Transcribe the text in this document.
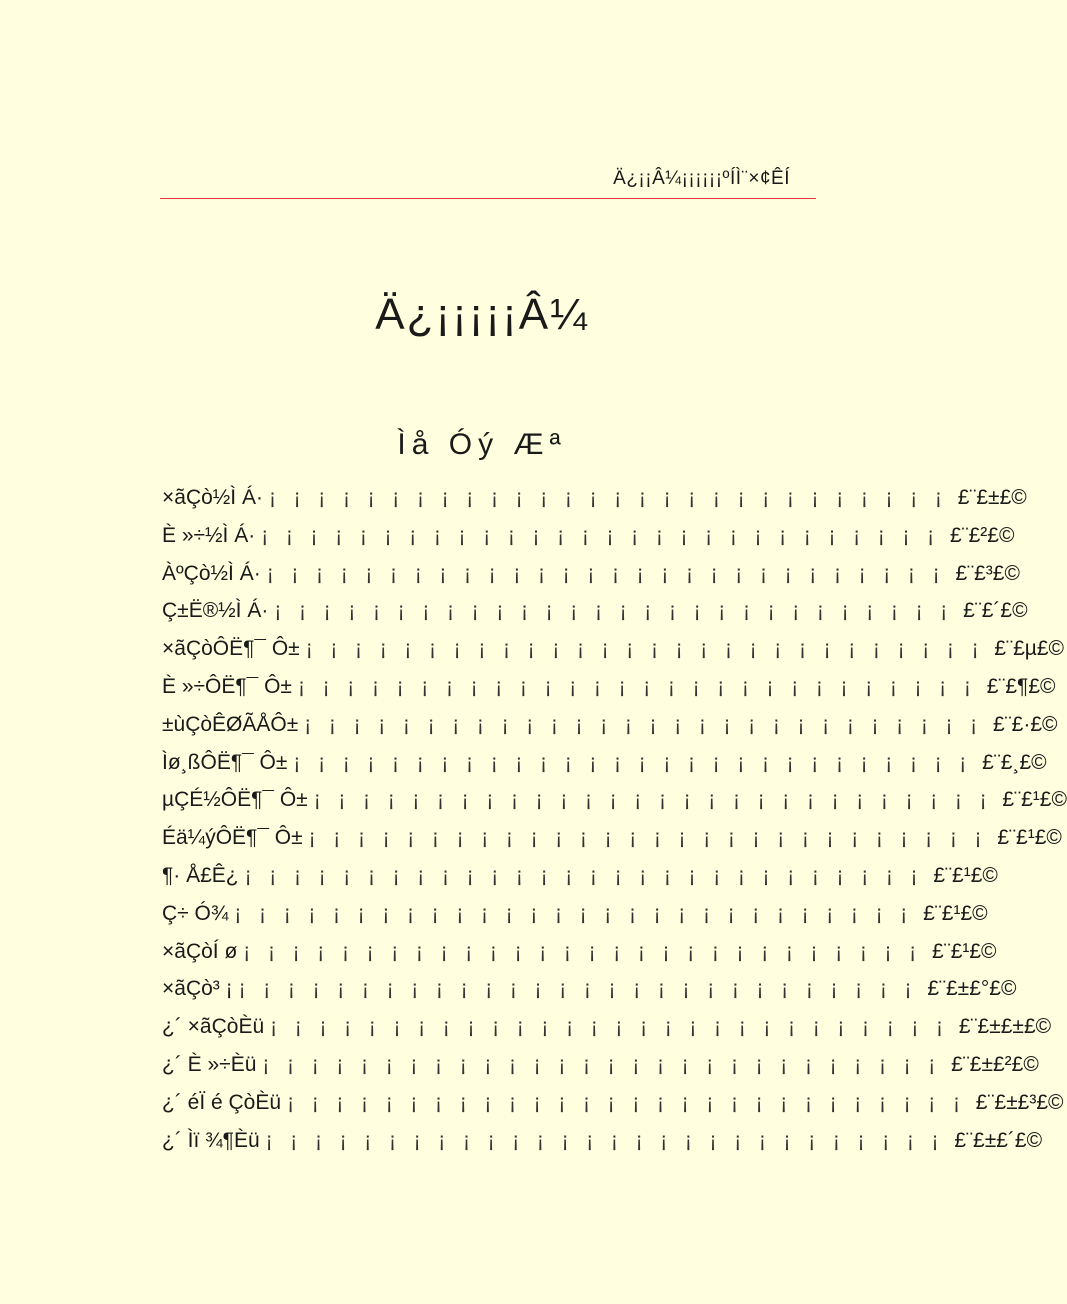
Ä¿¡¡Â¼¡¡¡¡¡¡ºÍÌ¨×¢ÊÍ
Ä¿¡¡¡¡¡Â¼
Ìå Óý Æª
×ãÇò½Ì Á· ¡ ¡ ¡ ¡ ¡ ¡ ¡ ¡ ¡ ¡ ¡ ¡ ¡ ¡ ¡ ¡ ¡ ¡ ¡ ¡ ¡ ¡ ¡ ¡ ¡ ¡ ¡ ¡ £¨£±£©
È »÷½Ì Á· ¡ ¡ ¡ ¡ ¡ ¡ ¡ ¡ ¡ ¡ ¡ ¡ ¡ ¡ ¡ ¡ ¡ ¡ ¡ ¡ ¡ ¡ ¡ ¡ ¡ ¡ ¡ ¡ £¨£²£©
ÀºÇò½Ì Á· ¡ ¡ ¡ ¡ ¡ ¡ ¡ ¡ ¡ ¡ ¡ ¡ ¡ ¡ ¡ ¡ ¡ ¡ ¡ ¡ ¡ ¡ ¡ ¡ ¡ ¡ ¡ ¡ £¨£³£©
Ç±Ë®½Ì Á· ¡ ¡ ¡ ¡ ¡ ¡ ¡ ¡ ¡ ¡ ¡ ¡ ¡ ¡ ¡ ¡ ¡ ¡ ¡ ¡ ¡ ¡ ¡ ¡ ¡ ¡ ¡ ¡ £¨£´£©
×ãÇòÔË¶¯ Ô± ¡ ¡ ¡ ¡ ¡ ¡ ¡ ¡ ¡ ¡ ¡ ¡ ¡ ¡ ¡ ¡ ¡ ¡ ¡ ¡ ¡ ¡ ¡ ¡ ¡ ¡ ¡ ¡ £¨£µ£©
È »÷ÔË¶¯ Ô± ¡ ¡ ¡ ¡ ¡ ¡ ¡ ¡ ¡ ¡ ¡ ¡ ¡ ¡ ¡ ¡ ¡ ¡ ¡ ¡ ¡ ¡ ¡ ¡ ¡ ¡ ¡ ¡ £¨£¶£©
±ùÇòÊØÃÅÔ± ¡ ¡ ¡ ¡ ¡ ¡ ¡ ¡ ¡ ¡ ¡ ¡ ¡ ¡ ¡ ¡ ¡ ¡ ¡ ¡ ¡ ¡ ¡ ¡ ¡ ¡ ¡ ¡ £¨£·£©
Ìø¸ßÔË¶¯ Ô± ¡ ¡ ¡ ¡ ¡ ¡ ¡ ¡ ¡ ¡ ¡ ¡ ¡ ¡ ¡ ¡ ¡ ¡ ¡ ¡ ¡ ¡ ¡ ¡ ¡ ¡ ¡ ¡ £¨£¸£©
µÇÉ½ÔË¶¯ Ô± ¡ ¡ ¡ ¡ ¡ ¡ ¡ ¡ ¡ ¡ ¡ ¡ ¡ ¡ ¡ ¡ ¡ ¡ ¡ ¡ ¡ ¡ ¡ ¡ ¡ ¡ ¡ ¡ £¨£¹£©
Éä¼ýÔË¶¯ Ô± ¡ ¡ ¡ ¡ ¡ ¡ ¡ ¡ ¡ ¡ ¡ ¡ ¡ ¡ ¡ ¡ ¡ ¡ ¡ ¡ ¡ ¡ ¡ ¡ ¡ ¡ ¡ ¡ £¨£¹£©
¶· Å£Ê¿ ¡ ¡ ¡ ¡ ¡ ¡ ¡ ¡ ¡ ¡ ¡ ¡ ¡ ¡ ¡ ¡ ¡ ¡ ¡ ¡ ¡ ¡ ¡ ¡ ¡ ¡ ¡ ¡ £¨£¹£©
Ç÷ Ó¾ ¡ ¡ ¡ ¡ ¡ ¡ ¡ ¡ ¡ ¡ ¡ ¡ ¡ ¡ ¡ ¡ ¡ ¡ ¡ ¡ ¡ ¡ ¡ ¡ ¡ ¡ ¡ ¡ £¨£¹£©
×ãÇòÍ ø ¡ ¡ ¡ ¡ ¡ ¡ ¡ ¡ ¡ ¡ ¡ ¡ ¡ ¡ ¡ ¡ ¡ ¡ ¡ ¡ ¡ ¡ ¡ ¡ ¡ ¡ ¡ ¡ £¨£¹£©
×ãÇò³ ¡ ¡ ¡ ¡ ¡ ¡ ¡ ¡ ¡ ¡ ¡ ¡ ¡ ¡ ¡ ¡ ¡ ¡ ¡ ¡ ¡ ¡ ¡ ¡ ¡ ¡ ¡ ¡ ¡ £¨£±£°£©
¿´ ×ãÇòÈü ¡ ¡ ¡ ¡ ¡ ¡ ¡ ¡ ¡ ¡ ¡ ¡ ¡ ¡ ¡ ¡ ¡ ¡ ¡ ¡ ¡ ¡ ¡ ¡ ¡ ¡ ¡ ¡ £¨£±£±£©
¿´ È »÷Èü ¡ ¡ ¡ ¡ ¡ ¡ ¡ ¡ ¡ ¡ ¡ ¡ ¡ ¡ ¡ ¡ ¡ ¡ ¡ ¡ ¡ ¡ ¡ ¡ ¡ ¡ ¡ ¡ £¨£±£²£©
¿´ éÏ é ÇòÈü ¡ ¡ ¡ ¡ ¡ ¡ ¡ ¡ ¡ ¡ ¡ ¡ ¡ ¡ ¡ ¡ ¡ ¡ ¡ ¡ ¡ ¡ ¡ ¡ ¡ ¡ ¡ ¡ £¨£±£³£©
¿´ Ìï ¾¶Èü ¡ ¡ ¡ ¡ ¡ ¡ ¡ ¡ ¡ ¡ ¡ ¡ ¡ ¡ ¡ ¡ ¡ ¡ ¡ ¡ ¡ ¡ ¡ ¡ ¡ ¡ ¡ ¡ £¨£±£´£©
